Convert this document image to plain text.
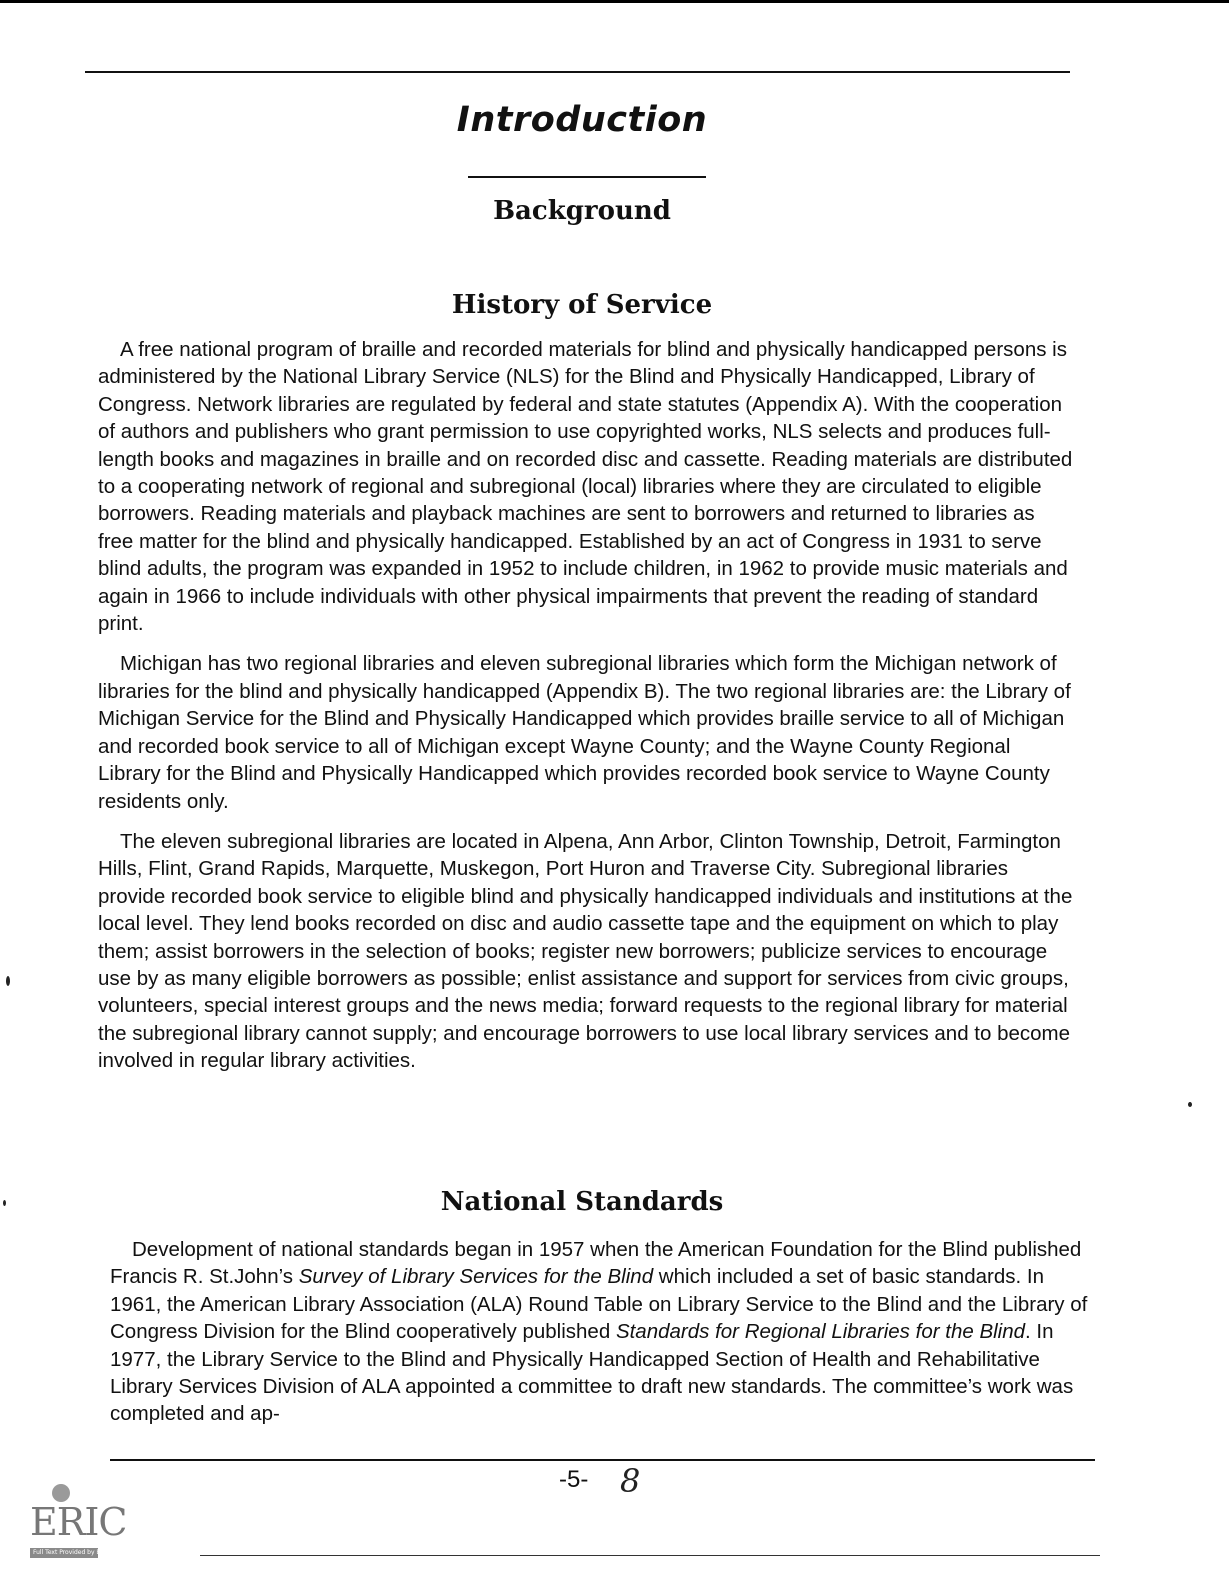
Introduction
Background
History of Service

A free national program of braille and recorded materials for blind and physically handicapped persons is administered by the National Library Service (NLS) for the Blind and Physically Handicapped, Library of Congress. Network libraries are regulated by federal and state statutes (Appendix A). With the cooperation of authors and publishers who grant permission to use copyrighted works, NLS selects and produces full-length books and magazines in braille and on recorded disc and cassette. Reading materials are distributed to a cooperating network of regional and subregional (local) libraries where they are circulated to eligible borrowers. Reading materials and playback machines are sent to borrowers and returned to libraries as free matter for the blind and physically handicapped. Established by an act of Congress in 1931 to serve blind adults, the program was expanded in 1952 to include children, in 1962 to provide music materials and again in 1966 to include individuals with other physical impairments that prevent the reading of standard print.

Michigan has two regional libraries and eleven subregional libraries which form the Michigan network of libraries for the blind and physically handicapped (Appendix B). The two regional libraries are: the Library of Michigan Service for the Blind and Physically Handicapped which provides braille service to all of Michigan and recorded book service to all of Michigan except Wayne County; and the Wayne County Regional Library for the Blind and Physically Handicapped which provides recorded book service to Wayne County residents only.

The eleven subregional libraries are located in Alpena, Ann Arbor, Clinton Township, Detroit, Farmington Hills, Flint, Grand Rapids, Marquette, Muskegon, Port Huron and Traverse City. Subregional libraries provide recorded book service to eligible blind and physically handicapped individuals and institutions at the local level. They lend books recorded on disc and audio cassette tape and the equipment on which to play them; assist borrowers in the selection of books; register new borrowers; publicize services to encourage use by as many eligible borrowers as possible; enlist assistance and support for services from civic groups, volunteers, special interest groups and the news media; forward requests to the regional library for material the subregional library cannot supply; and encourage borrowers to use local library services and to become involved in regular library activities.

National Standards

Development of national standards began in 1957 when the American Foundation for the Blind published Francis R. St.John’s Survey of Library Services for the Blind which included a set of basic standards. In 1961, the American Library Association (ALA) Round Table on Library Service to the Blind and the Library of Congress Division for the Blind cooperatively published Standards for Regional Libraries for the Blind. In 1977, the Library Service to the Blind and Physically Handicapped Section of Health and Rehabilitative Library Services Division of ALA appointed a committee to draft new standards. The committee’s work was completed and ap-

-5- 8
ERIC
Full Text Provided by ERIC
